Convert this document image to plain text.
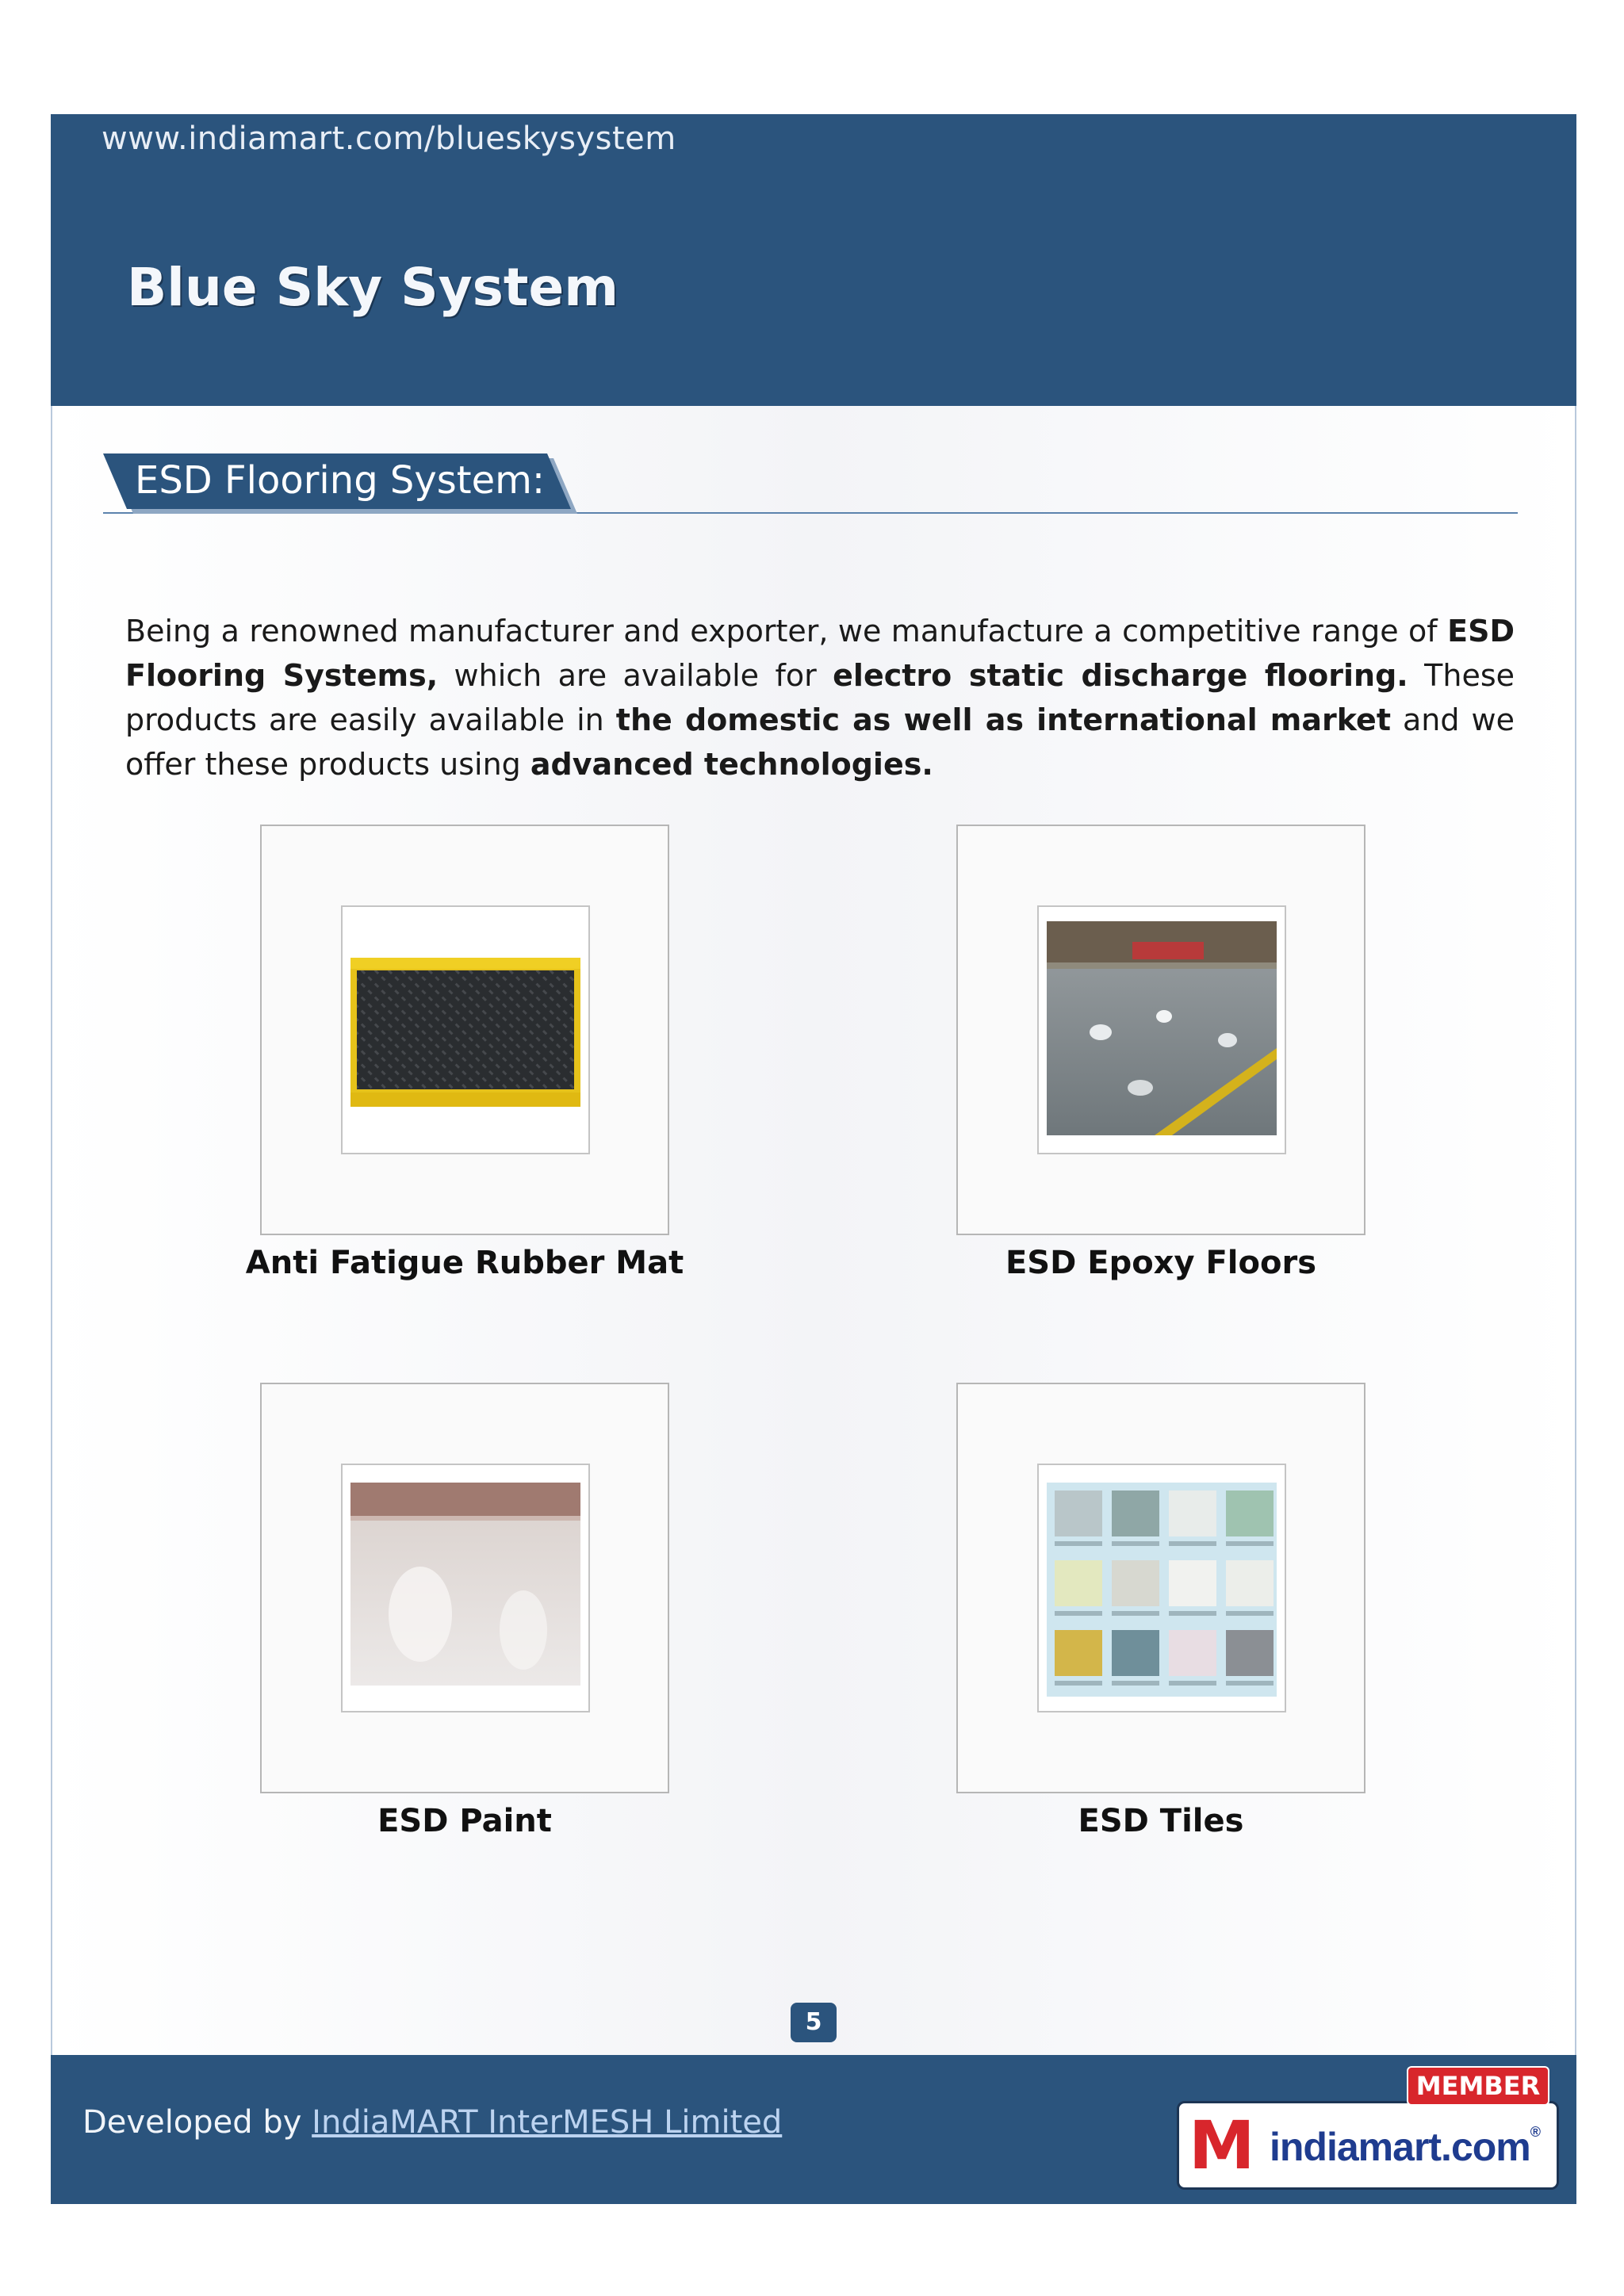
www.indiamart.com/blueskysystem
Blue Sky System
ESD Flooring System:

Being a renowned manufacturer and exporter, we manufacture a competitive range of ESD Flooring Systems, which are available for electro static discharge flooring. These products are easily available in the domestic as well as international market and we offer these products using advanced technologies.

Anti Fatigue Rubber Mat	ESD Epoxy Floors
ESD Paint	ESD Tiles
5
Developed by IndiaMART InterMESH Limited	M indiamart.com®
MEMBER
